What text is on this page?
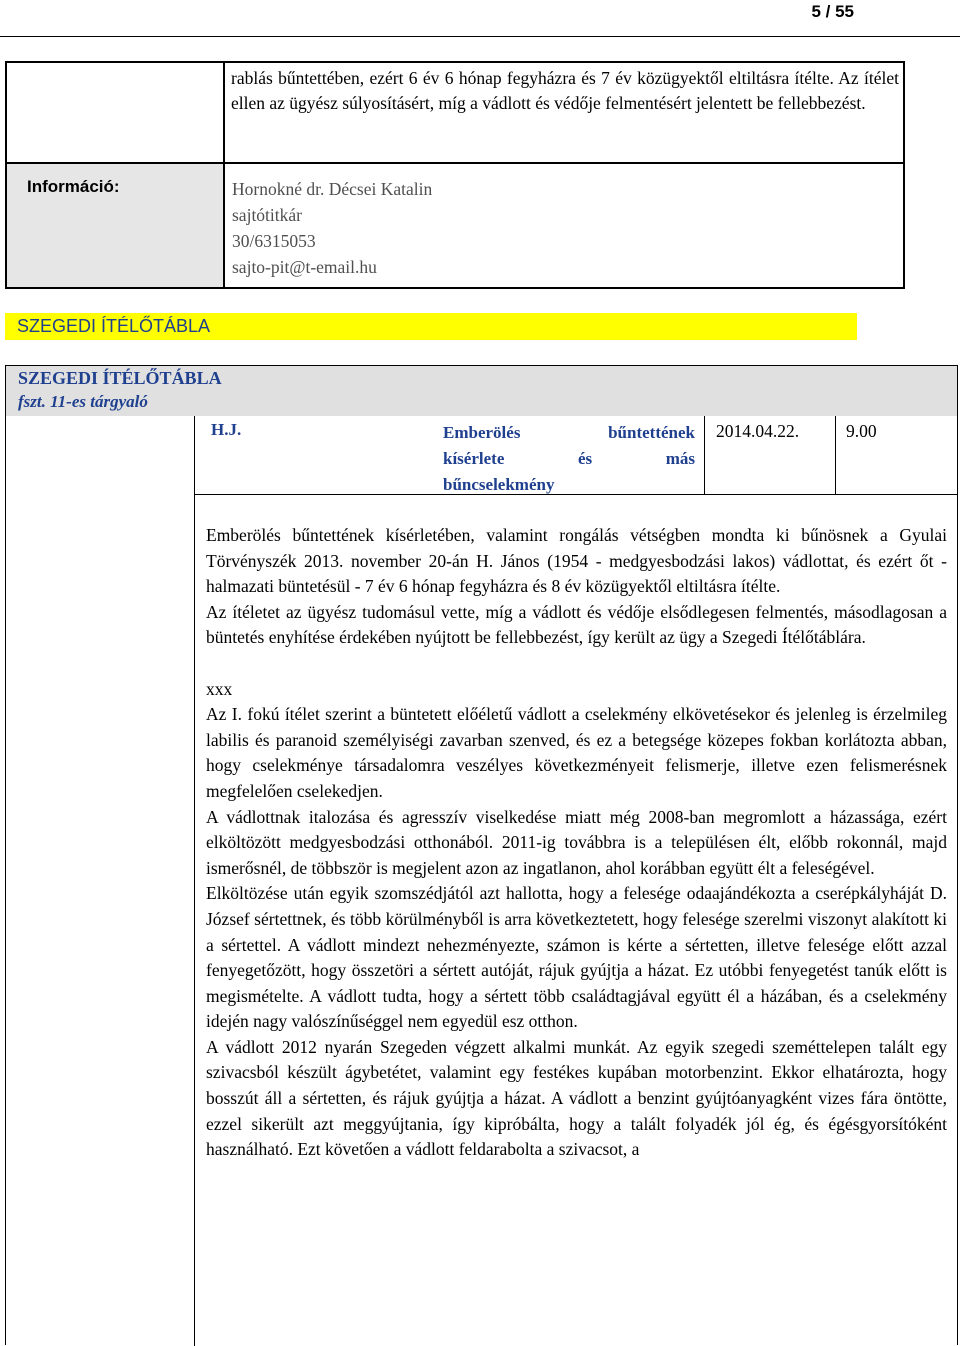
5 / 55
rablás bűntettében, ezért 6 év 6 hónap fegyházra és 7 év közügyektől eltiltásra ítélte. Az ítélet ellen az ügyész súlyosításért, míg a vádlott és védője felmentésért jelentett be fellebbezést.
Információ:	Hornokné dr. Décsei Katalin
sajtótitkár
30/6315053
sajto-pit@t-email.hu
SZEGEDI ÍTÉLŐTÁBLA
SZEGEDI ÍTÉLŐTÁBLA
fszt. 11-es tárgyaló
H.J.	Emberölés bűntettének
kísérlete és más
bűncselekmény
2014.04.22.	9.00

Emberölés bűntettének kísérletében, valamint rongálás vétségben mondta ki bűnösnek a Gyulai Törvényszék 2013. november 20-án H. János (1954 - medgyesbodzási lakos) vádlottat, és ezért őt - halmazati büntetésül - 7 év 6 hónap fegyházra és 8 év közügyektől eltiltásra ítélte.

Az ítéletet az ügyész tudomásul vette, míg a vádlott és védője elsődlegesen felmentés, másodlagosan a büntetés enyhítése érdekében nyújtott be fellebbezést, így került az ügy a Szegedi Ítélőtáblára.

xxx

Az I. fokú ítélet szerint a büntetett előéletű vádlott a cselekmény elkövetésekor és jelenleg is érzelmileg labilis és paranoid személyiségi zavarban szenved, és ez a betegsége közepes fokban korlátozta abban, hogy cselekménye társadalomra veszélyes következményeit felismerje, illetve ezen felismerésnek megfelelően cselekedjen.

A vádlottnak italozása és agresszív viselkedése miatt még 2008-ban megromlott a házassága, ezért elköltözött medgyesbodzási otthonából. 2011-ig továbbra is a településen élt, előbb rokonnál, majd ismerősnél, de többször is megjelent azon az ingatlanon, ahol korábban együtt élt a feleségével.

Elköltözése után egyik szomszédjától azt hallotta, hogy a felesége odaajándékozta a cserépkályháját D. József sértettnek, és több körülményből is arra következtetett, hogy felesége szerelmi viszonyt alakított ki a sértettel. A vádlott mindezt nehezményezte, számon is kérte a sértetten, illetve felesége előtt azzal fenyegetőzött, hogy összetöri a sértett autóját, rájuk gyújtja a házat. Ez utóbbi fenyegetést tanúk előtt is megismételte. A vádlott tudta, hogy a sértett több családtagjával együtt él a házában, és a cselekmény idején nagy valószínűséggel nem egyedül esz otthon.

A vádlott 2012 nyarán Szegeden végzett alkalmi munkát. Az egyik szegedi szeméttelepen talált egy szivacsból készült ágybetétet, valamint egy festékes kupában motorbenzint. Ekkor elhatározta, hogy bosszút áll a sértetten, és rájuk gyújtja a házat. A vádlott a benzint gyújtóanyagként vizes fára öntötte, ezzel sikerült azt meggyújtania, így kipróbálta, hogy a talált folyadék jól ég, és égésgyorsítóként használható. Ezt követően a vádlott feldarabolta a szivacsot, a
